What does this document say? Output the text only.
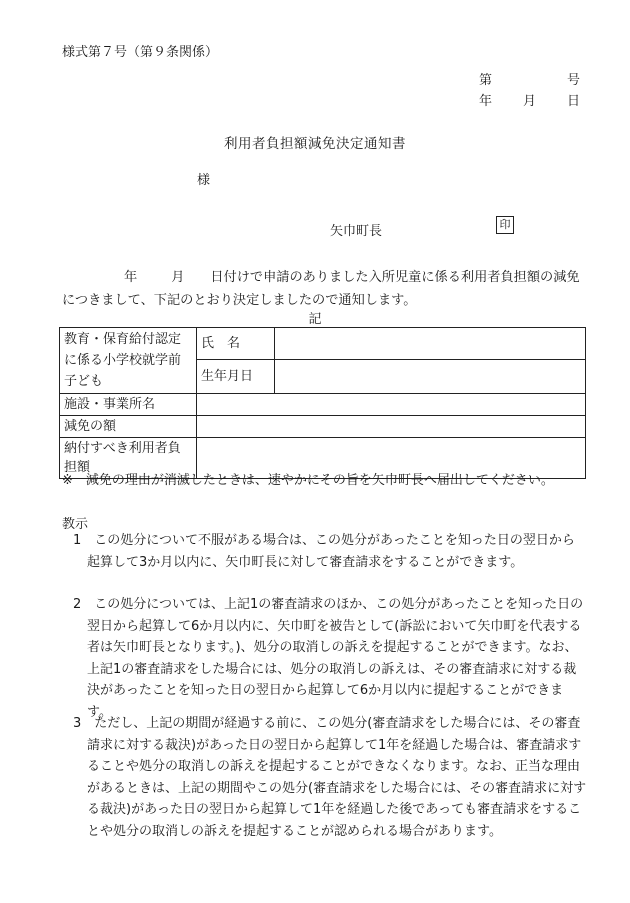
様式第７号（第９条関係）
第	号
年 月 日
利用者負担額減免決定通知書
様
矢巾町長	印
年	月 日付けで申請のありました入所児童に係る利用者負担額の減免につきまして、下記のとおり決定しましたので通知します。
記
教育・保育給付認定に係る小学校就学前子ども	氏　名	
	生年月日	
施設・事業所名		
減免の額		
納付すべき利用者負担額		
※　減免の理由が消滅したときは、速やかにその旨を矢巾町長へ届出してください。
教示
1　この処分について不服がある場合は、この処分があったことを知った日の翌日から起算して3か月以内に、矢巾町長に対して審査請求をすることができます。
2　この処分については、上記1の審査請求のほか、この処分があったことを知った日の翌日から起算して6か月以内に、矢巾町を被告として(訴訟において矢巾町を代表する者は矢巾町長となります。)、処分の取消しの訴えを提起することができます。なお、上記1の審査請求をした場合には、処分の取消しの訴えは、その審査請求に対する裁決があったことを知った日の翌日から起算して6か月以内に提起することができます。
3　ただし、上記の期間が経過する前に、この処分(審査請求をした場合には、その審査請求に対する裁決)があった日の翌日から起算して1年を経過した場合は、審査請求することや処分の取消しの訴えを提起することができなくなります。なお、正当な理由があるときは、上記の期間やこの処分(審査請求をした場合には、その審査請求に対する裁決)があった日の翌日から起算して1年を経過した後であっても審査請求をすることや処分の取消しの訴えを提起することが認められる場合があります。
